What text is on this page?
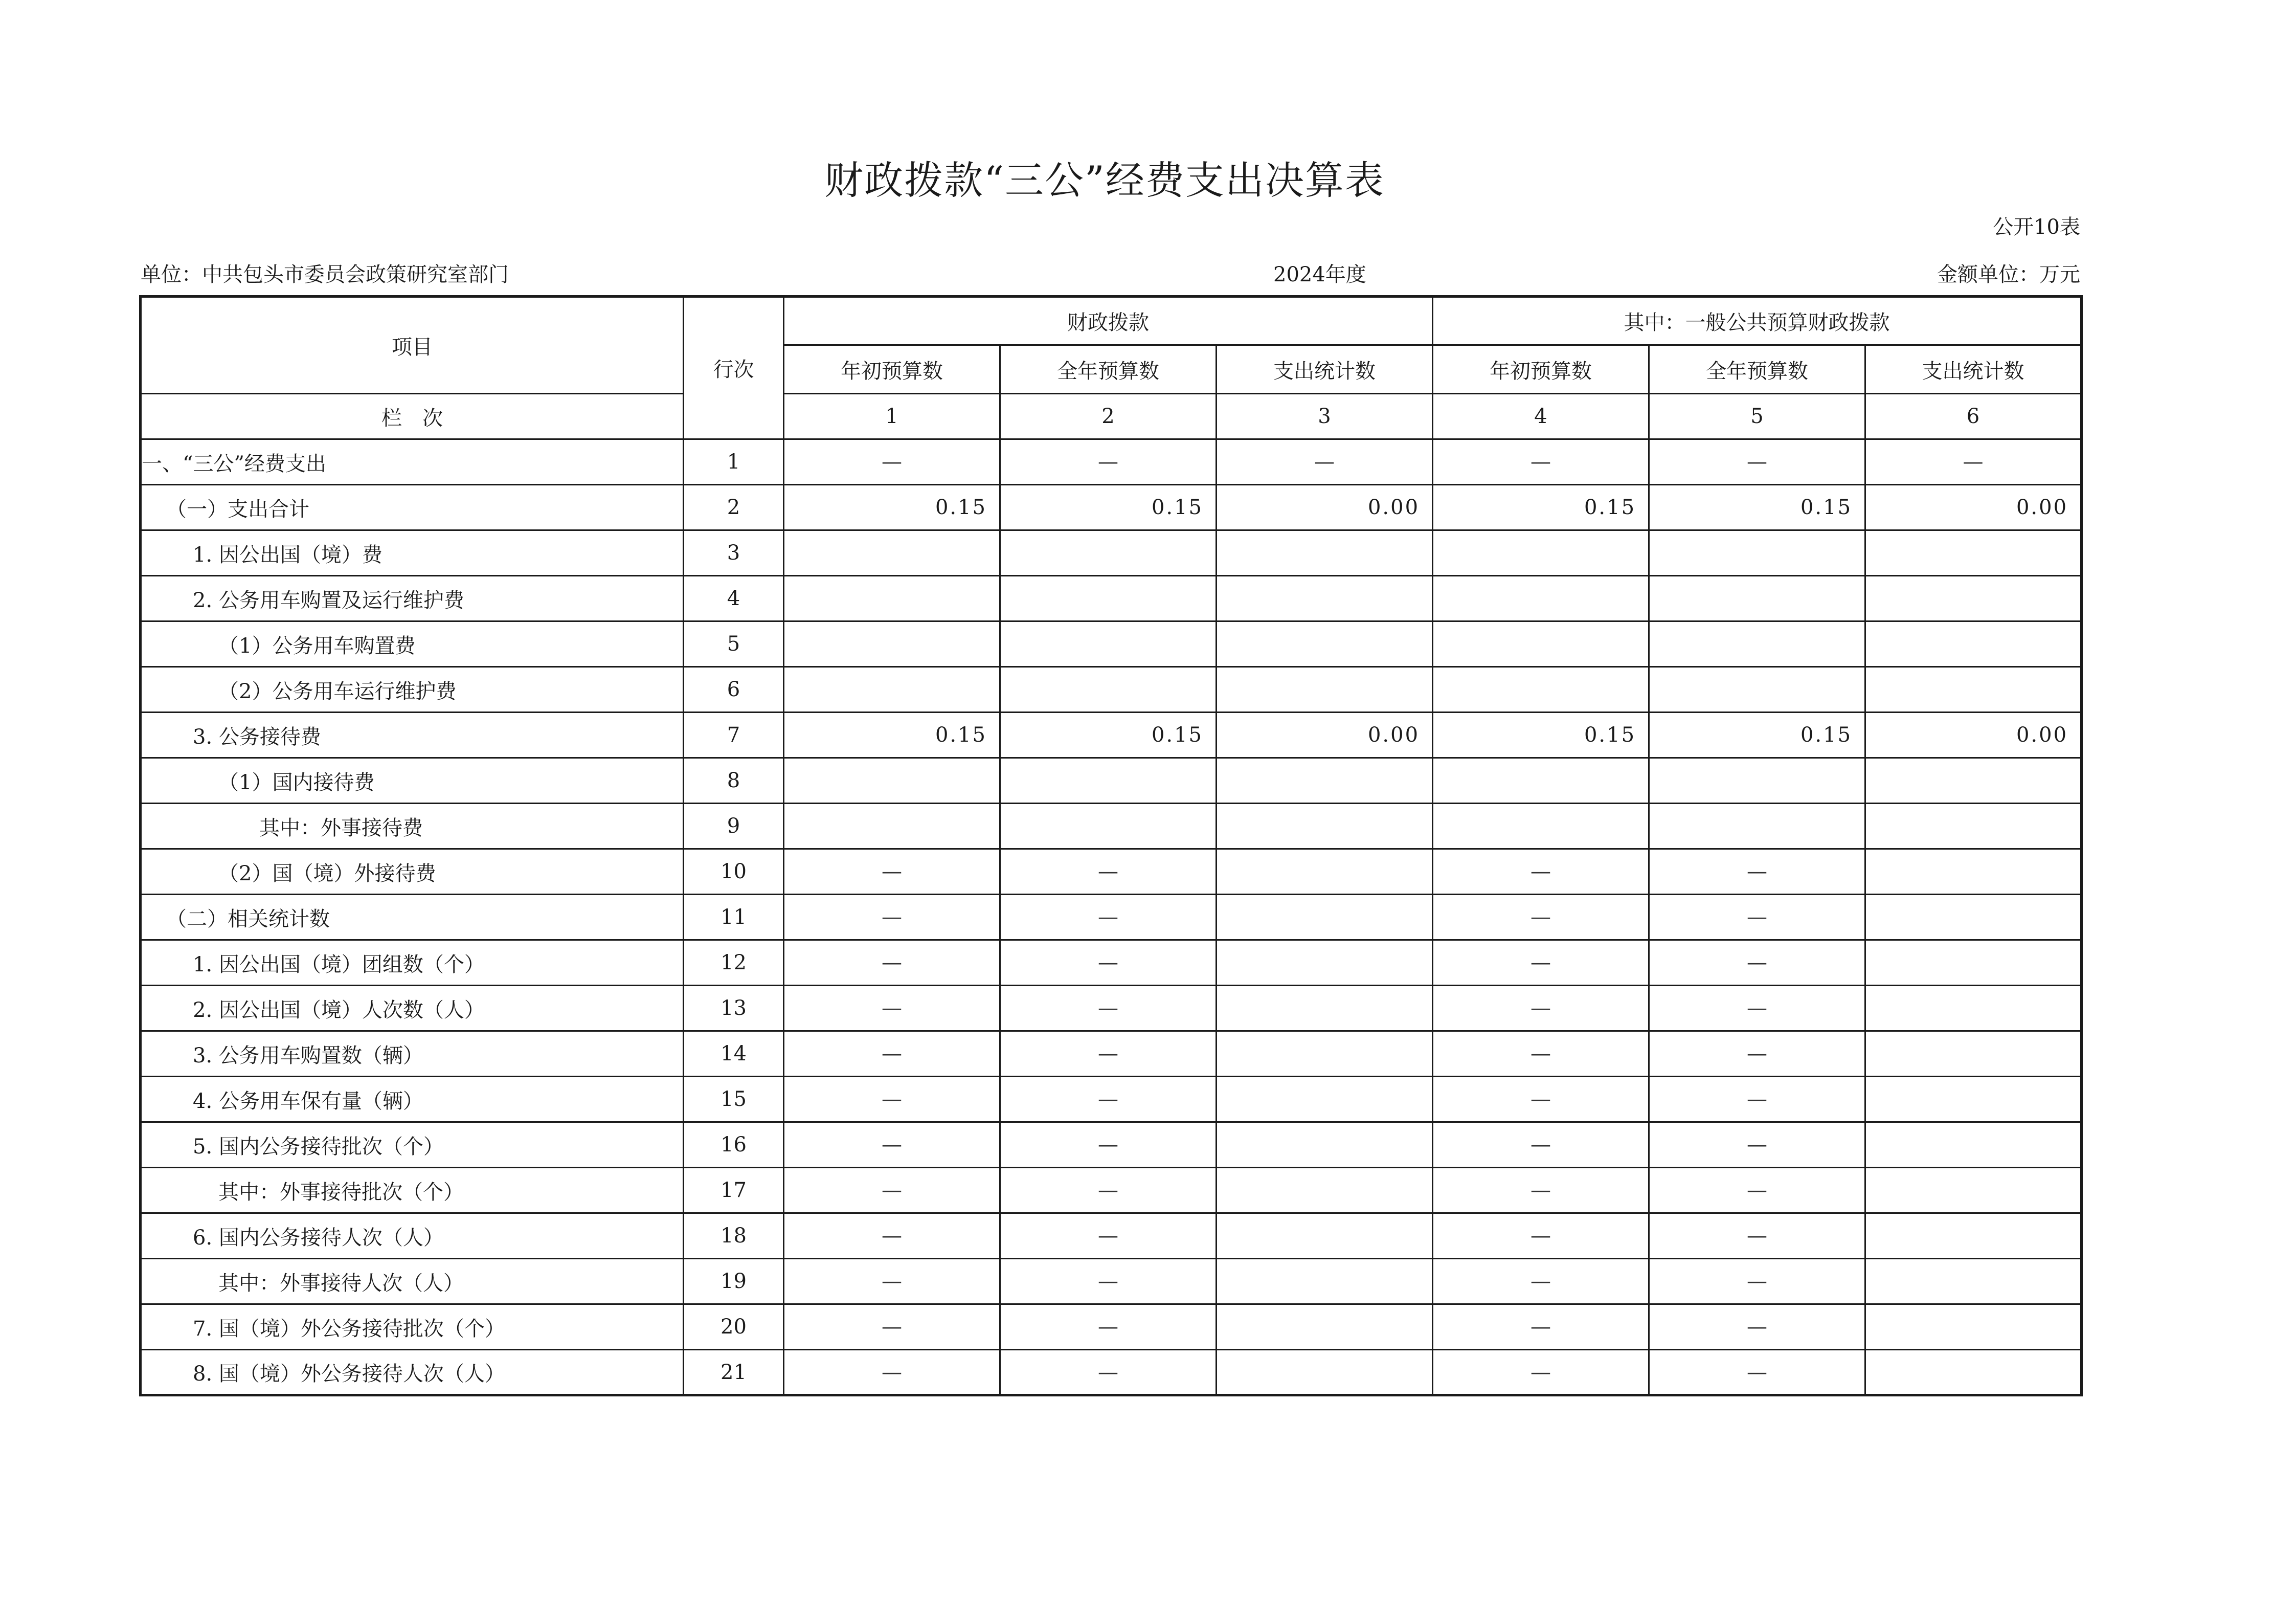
财政拨款“三公”经费支出决算表
公开10表
单位：中共包头市委员会政策研究室部门	2024年度	金额单位：万元
项目	行次	财政拨款			其中：一般公共预算财政拨款		
		年初预算数	全年预算数	支出统计数	年初预算数	全年预算数	支出统计数
栏　次		1	2	3	4	5	6
一、“三公”经费支出	1	—	—	—	—	—	—
（一）支出合计	2	0.15	0.15	0.00	0.15	0.15	0.00
1. 因公出国（境）费	3						
2. 公务用车购置及运行维护费	4						
（1）公务用车购置费	5						
（2）公务用车运行维护费	6						
3. 公务接待费	7	0.15	0.15	0.00	0.15	0.15	0.00
（1）国内接待费	8						
其中：外事接待费	9						
（2）国（境）外接待费	10	—	—		—	—	
（二）相关统计数	11	—	—		—	—	
1. 因公出国（境）团组数（个）	12	—	—		—	—	
2. 因公出国（境）人次数（人）	13	—	—		—	—	
3. 公务用车购置数（辆）	14	—	—		—	—	
4. 公务用车保有量（辆）	15	—	—		—	—	
5. 国内公务接待批次（个）	16	—	—		—	—	
其中：外事接待批次（个）	17	—	—		—	—	
6. 国内公务接待人次（人）	18	—	—		—	—	
其中：外事接待人次（人）	19	—	—		—	—	
7. 国（境）外公务接待批次（个）	20	—	—		—	—	
8. 国（境）外公务接待人次（人）	21	—	—		—	—	
